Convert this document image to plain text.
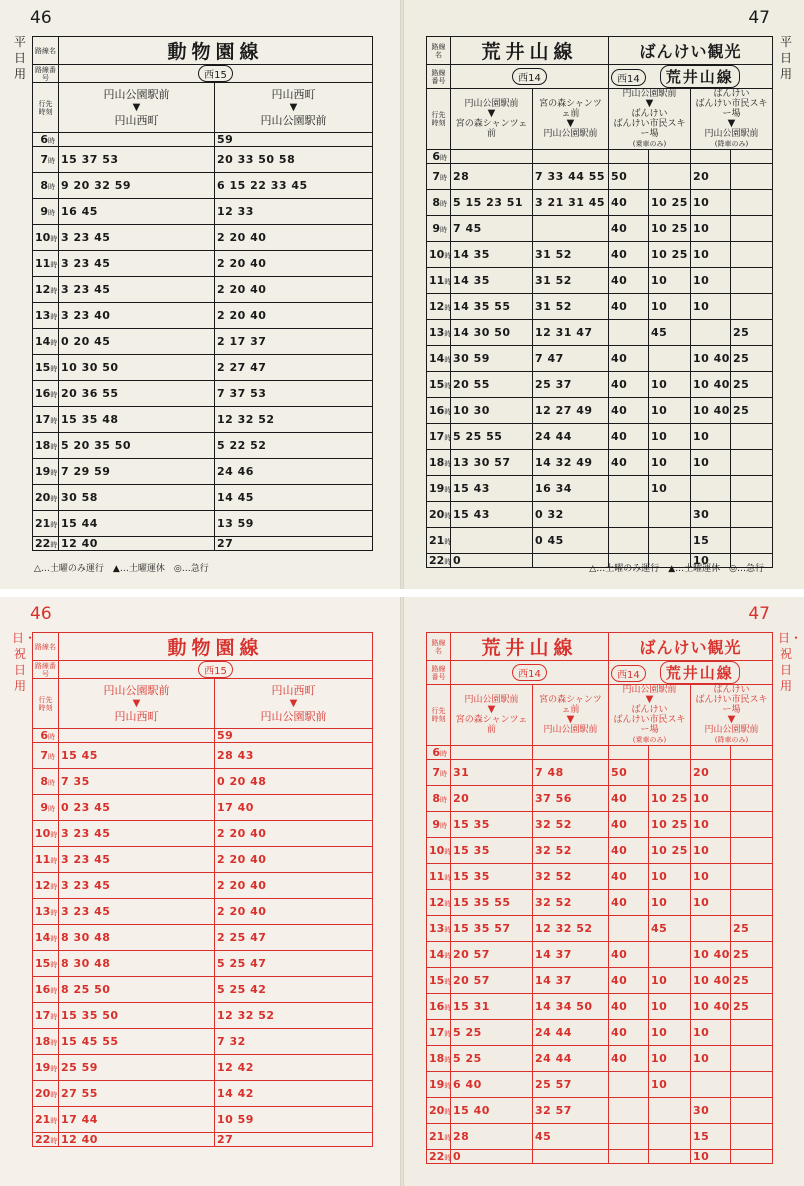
46
平日用
路線名	動物園線	
路線番号	西15	
行先
時刻	円山公園駅前
▼
円山西町	円山西町
▼
円山公園駅前
6時		59
7時	15 37 53	20 33 50 58
8時	9 20 32 59	6 15 22 33 45
9時	16 45	12 33
10時	3 23 45	2 20 40
11時	3 23 45	2 20 40
12時	3 23 45	2 20 40
13時	3 23 40	2 20 40
14時	0 20 45	2 17 37
15時	10 30 50	2 27 47
16時	20 36 55	7 37 53
17時	15 35 48	12 32 52
18時	5 20 35 50	5 22 52
19時	7 29 59	24 46
20時	30 58	14 45
21時	15 44	13 59
22時	12 40	27
△…土曜のみ運行　▲…土曜運休　◎…急行
47
平日用
路線名	荒井山線		ばんけい観光			
路線番号	西14		西14 荒井山線			
行先
時刻	円山公園駅前
▼
宮の森シャンツェ前	宮の森シャンツェ前
▼
円山公園駅前	円山公園駅前
▼
ばんけい
ばんけい市民スキー場
(乗車のみ)		ばんけい
ばんけい市民スキー場
▼
円山公園駅前
(降車のみ)	

6時						
7時	28	7 33 44 55	50		20	
8時	5 15 23 51	3 21 31 45	40	10 25	10	
9時	7 45		40	10 25	10	
10時	14 35	31 52	40	10 25	10	
11時	14 35	31 52	40	10	10	
12時	14 35 55	31 52	40	10	10	
13時	14 30 50	12 31 47		45		25
14時	30 59	7 47	40		10 40	25
15時	20 55	25 37	40	10	10 40	25
16時	10 30	12 27 49	40	10	10 40	25
17時	5 25 55	24 44	40	10	10	
18時	13 30 57	14 32 49	40	10	10	
19時	15 43	16 34		10		
20時	15 43	0 32			30	
21時		0 45			15	
22時	0				10	
△…土曜のみ運行　▲…土曜運休　◎…急行
46
日・祝日用
路線名	動物園線	
路線番号	西15	
行先
時刻	円山公園駅前
▼
円山西町	円山西町
▼
円山公園駅前
6時		59
7時	15 45	28 43
8時	7 35	0 20 48
9時	0 23 45	17 40
10時	3 23 45	2 20 40
11時	3 23 45	2 20 40
12時	3 23 45	2 20 40
13時	3 23 45	2 20 40
14時	8 30 48	2 25 47
15時	8 30 48	5 25 47
16時	8 25 50	5 25 42
17時	15 35 50	12 32 52
18時	15 45 55	7 32
19時	25 59	12 42
20時	27 55	14 42
21時	17 44	10 59
22時	12 40	27
47
日・祝日用
路線名	荒井山線		ばんけい観光			
路線番号	西14		西14 荒井山線			
行先
時刻	円山公園駅前
▼
宮の森シャンツェ前	宮の森シャンツェ前
▼
円山公園駅前	円山公園駅前
▼
ばんけい
ばんけい市民スキー場
(乗車のみ)		ばんけい
ばんけい市民スキー場
▼
円山公園駅前
(降車のみ)	

6時						
7時	31	7 48	50		20	
8時	20	37 56	40	10 25	10	
9時	15 35	32 52	40	10 25	10	
10時	15 35	32 52	40	10 25	10	
11時	15 35	32 52	40	10	10	
12時	15 35 55	32 52	40	10	10	
13時	15 35 57	12 32 52		45		25
14時	20 57	14 37	40		10 40	25
15時	20 57	14 37	40	10	10 40	25
16時	15 31	14 34 50	40	10	10 40	25
17時	5 25	24 44	40	10	10	
18時	5 25	24 44	40	10	10	
19時	6 40	25 57		10		
20時	15 40	32 57			30	
21時	28	45			15	
22時	0				10	
